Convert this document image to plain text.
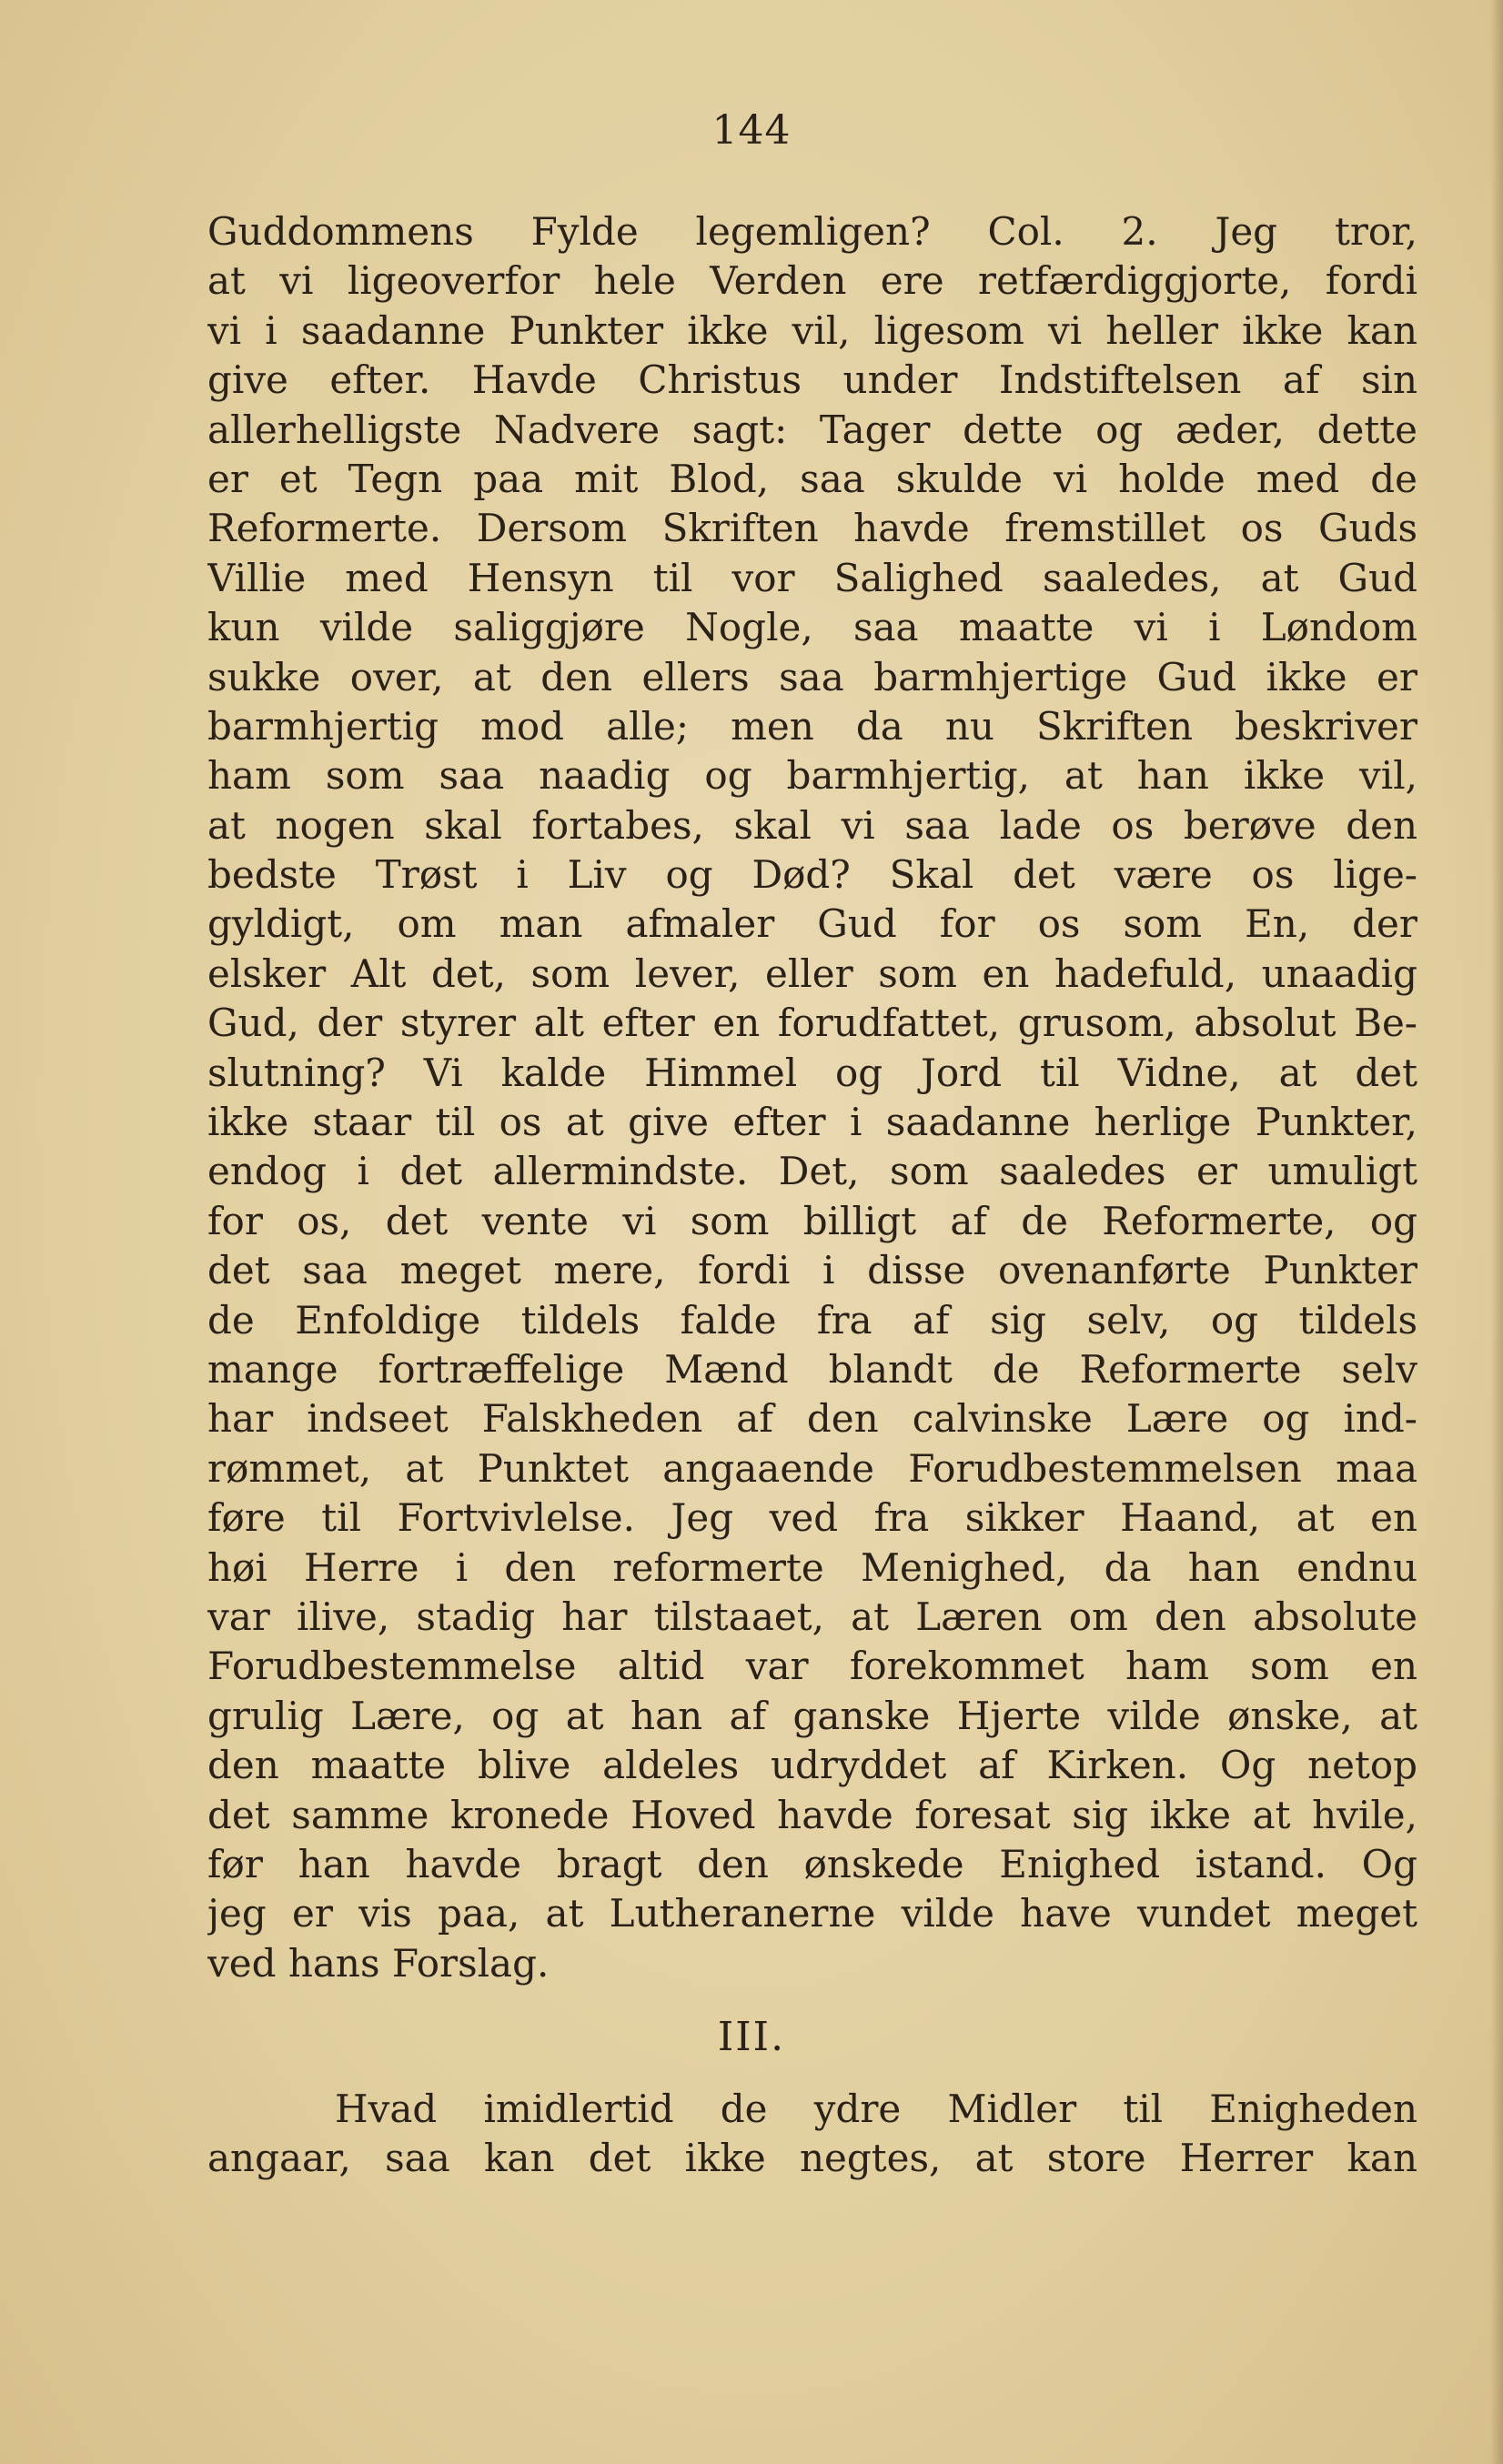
144
Guddommens Fylde legemligen? Col. 2. Jeg tror,
at vi ligeoverfor hele Verden ere retfærdiggjorte, fordi
vi i saadanne Punkter ikke vil, ligesom vi heller ikke kan
give efter. Havde Christus under Indstiftelsen af sin
allerhelligste Nadvere sagt: Tager dette og æder, dette
er et Tegn paa mit Blod, saa skulde vi holde med de
Reformerte. Dersom Skriften havde fremstillet os Guds
Villie med Hensyn til vor Salighed saaledes, at Gud
kun vilde saliggjøre Nogle, saa maatte vi i Løndom
sukke over, at den ellers saa barmhjertige Gud ikke er
barmhjertig mod alle; men da nu Skriften beskriver
ham som saa naadig og barmhjertig, at han ikke vil,
at nogen skal fortabes, skal vi saa lade os berøve den
bedste Trøst i Liv og Død? Skal det være os lige-
gyldigt, om man afmaler Gud for os som En, der
elsker Alt det, som lever, eller som en hadefuld, unaadig
Gud, der styrer alt efter en forudfattet, grusom, absolut Be-
slutning? Vi kalde Himmel og Jord til Vidne, at det
ikke staar til os at give efter i saadanne herlige Punkter,
endog i det allermindste. Det, som saaledes er umuligt
for os, det vente vi som billigt af de Reformerte, og
det saa meget mere, fordi i disse ovenanførte Punkter
de Enfoldige tildels falde fra af sig selv, og tildels
mange fortræffelige Mænd blandt de Reformerte selv
har indseet Falskheden af den calvinske Lære og ind-
rømmet, at Punktet angaaende Forudbestemmelsen maa
føre til Fortvivlelse. Jeg ved fra sikker Haand, at en
høi Herre i den reformerte Menighed, da han endnu
var ilive, stadig har tilstaaet, at Læren om den absolute
Forudbestemmelse altid var forekommet ham som en
grulig Lære, og at han af ganske Hjerte vilde ønske, at
den maatte blive aldeles udryddet af Kirken. Og netop
det samme kronede Hoved havde foresat sig ikke at hvile,
før han havde bragt den ønskede Enighed istand. Og
jeg er vis paa, at Lutheranerne vilde have vundet meget
ved hans Forslag.
III.
Hvad imidlertid de ydre Midler til Enigheden
angaar, saa kan det ikke negtes, at store Herrer kan
